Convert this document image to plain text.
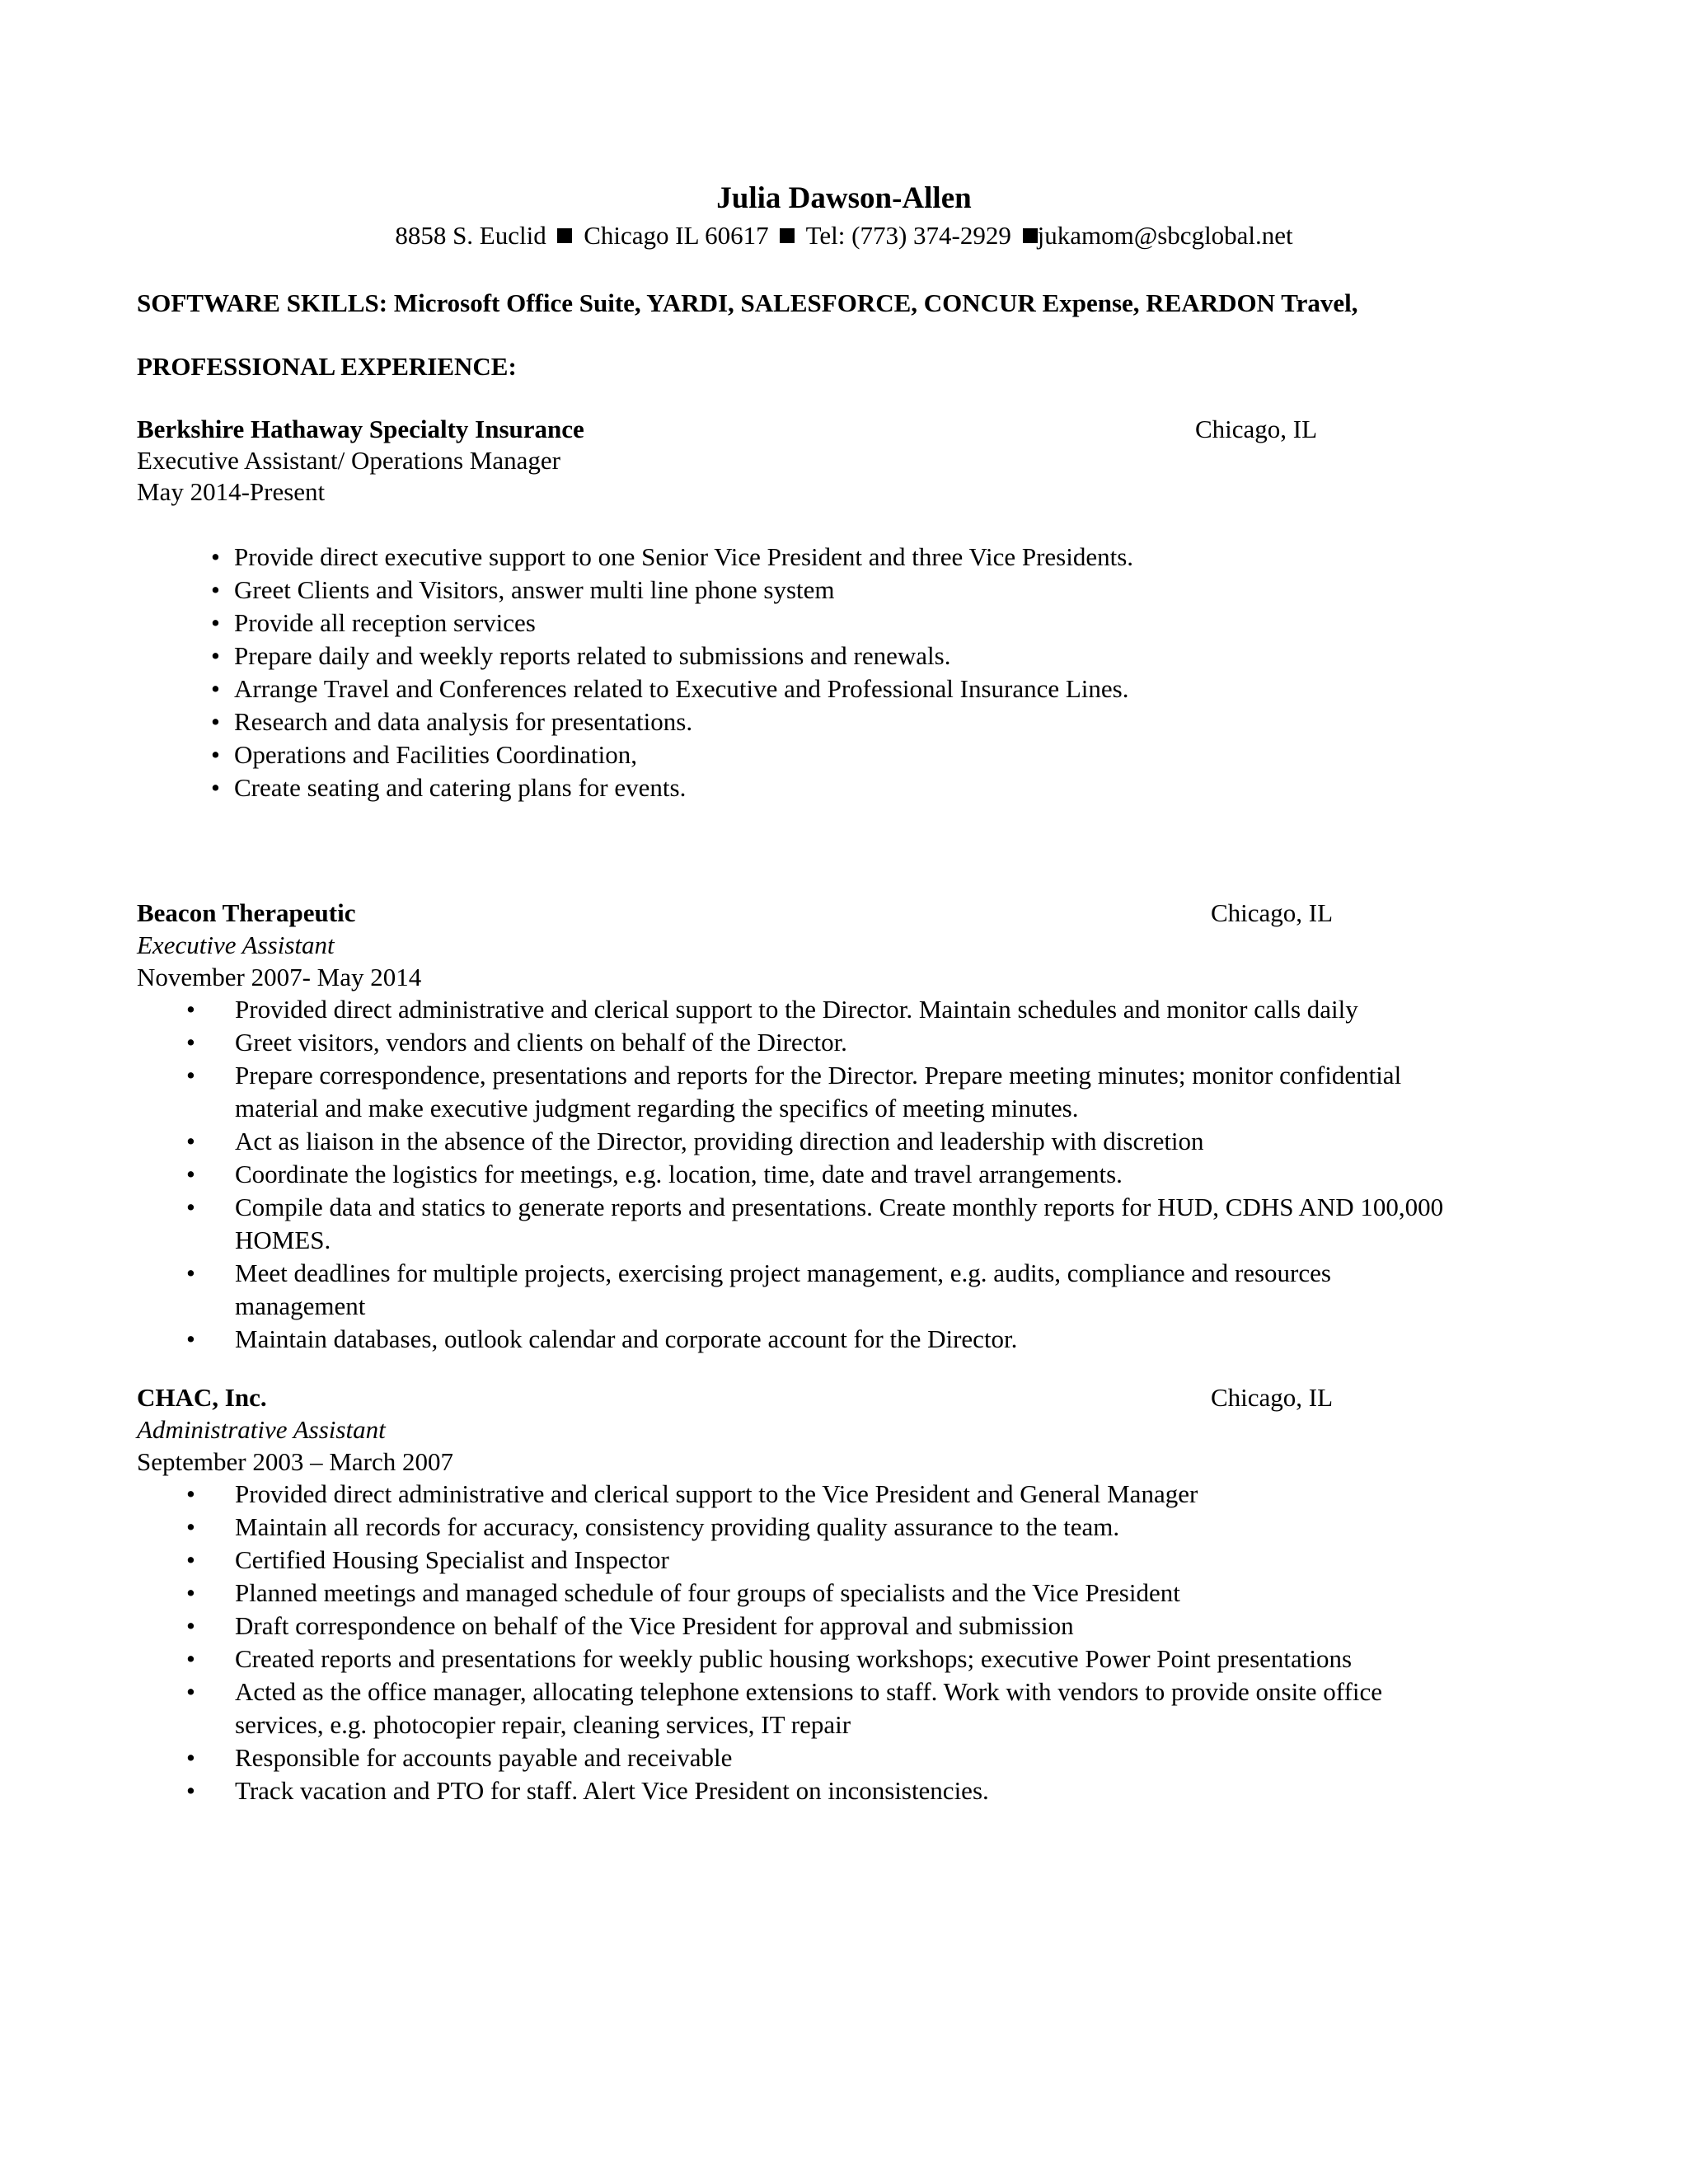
Julia Dawson-Allen
8858 S. Euclid Chicago IL 60617 Tel: (773) 374-2929 jukamom@sbcglobal.net
SOFTWARE SKILLS: Microsoft Office Suite, YARDI, SALESFORCE, CONCUR Expense, REARDON Travel,
PROFESSIONAL EXPERIENCE:
Berkshire Hathaway Specialty Insurance	Chicago, IL
Executive Assistant/ Operations Manager
May 2014-Present
• Provide direct executive support to one Senior Vice President and three Vice Presidents.
• Greet Clients and Visitors, answer multi line phone system
• Provide all reception services
• Prepare daily and weekly reports related to submissions and renewals.
• Arrange Travel and Conferences related to Executive and Professional Insurance Lines.
• Research and data analysis for presentations.
• Operations and Facilities Coordination,
• Create seating and catering plans for events.
Beacon Therapeutic	Chicago, IL
Executive Assistant
November 2007- May 2014
• Provided direct administrative and clerical support to the Director. Maintain schedules and monitor calls daily
• Greet visitors, vendors and clients on behalf of the Director.
• Prepare correspondence, presentations and reports for the Director. Prepare meeting minutes; monitor confidential
material and make executive judgment regarding the specifics of meeting minutes.
• Act as liaison in the absence of the Director, providing direction and leadership with discretion
• Coordinate the logistics for meetings, e.g. location, time, date and travel arrangements.
• Compile data and statics to generate reports and presentations. Create monthly reports for HUD, CDHS AND 100,000
HOMES.
• Meet deadlines for multiple projects, exercising project management, e.g. audits, compliance and resources
management
• Maintain databases, outlook calendar and corporate account for the Director.
CHAC, Inc.	Chicago, IL
Administrative Assistant
September 2003 – March 2007
• Provided direct administrative and clerical support to the Vice President and General Manager
• Maintain all records for accuracy, consistency providing quality assurance to the team.
• Certified Housing Specialist and Inspector
• Planned meetings and managed schedule of four groups of specialists and the Vice President
• Draft correspondence on behalf of the Vice President for approval and submission
• Created reports and presentations for weekly public housing workshops; executive Power Point presentations
• Acted as the office manager, allocating telephone extensions to staff. Work with vendors to provide onsite office
services, e.g. photocopier repair, cleaning services, IT repair
• Responsible for accounts payable and receivable
• Track vacation and PTO for staff. Alert Vice President on inconsistencies.
